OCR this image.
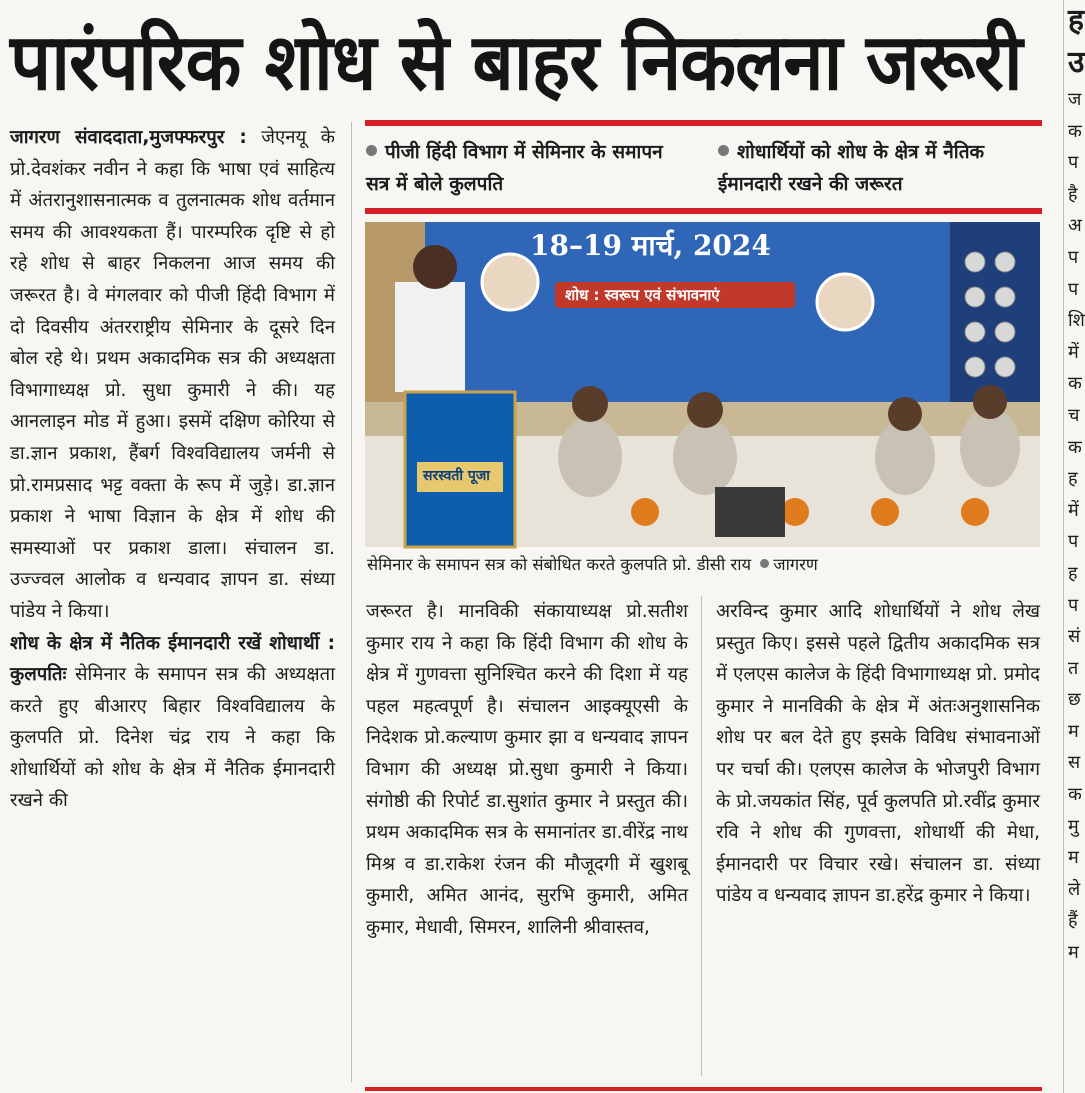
पारंपरिक शोध से बाहर निकलना जरूरी
पीजी हिंदी विभाग में सेमिनार के समापन सत्र में बोले कुलपति
शोधार्थियों को शोध के क्षेत्र में नैतिक ईमानदारी रखने की जरूरत

जागरण संवाददाता,मुजफ्फरपुर : जेएनयू के प्रो.देवशंकर नवीन ने कहा कि भाषा एवं साहित्य में अंतरानुशासनात्मक व तुलनात्मक शोध वर्तमान समय की आवश्यकता हैं। पारम्परिक दृष्टि से हो रहे शोध से बाहर निकलना आज समय की जरूरत है। वे मंगलवार को पीजी हिंदी विभाग में दो दिवसीय अंतरराष्ट्रीय सेमिनार के दूसरे दिन बोल रहे थे। प्रथम अकादमिक सत्र की अध्यक्षता विभागाध्यक्ष प्रो. सुधा कुमारी ने की। यह आनलाइन मोड में हुआ। इसमें दक्षिण कोरिया से डा.ज्ञान प्रकाश, हैंबर्ग विश्वविद्यालय जर्मनी से प्रो.रामप्रसाद भट्ट वक्ता के रूप में जुड़े। डा.ज्ञान प्रकाश ने भाषा विज्ञान के क्षेत्र में शोध की समस्याओं पर प्रकाश डाला। संचालन डा. उज्ज्वल आलोक व धन्यवाद ज्ञापन डा. संध्या पांडेय ने किया।

शोध के क्षेत्र में नैतिक ईमानदारी रखें शोधार्थी : कुलपतिः सेमिनार के समापन सत्र की अध्यक्षता करते हुए बीआरए बिहार विश्वविद्यालय के कुलपति प्रो. दिनेश चंद्र राय ने कहा कि शोधार्थियों को शोध के क्षेत्र में नैतिक ईमानदारी रखने की

18–19 मार्च, 2024
शोध : स्वरूप एवं संभावनाएं
सरस्वती पूजा
सेमिनार के समापन सत्र को संबोधित करते कुलपति प्रो. डीसी राय जागरण

जरूरत है। मानविकी संकायाध्यक्ष प्रो.सतीश कुमार राय ने कहा कि हिंदी विभाग की शोध के क्षेत्र में गुणवत्ता सुनिश्चित करने की दिशा में यह पहल महत्वपूर्ण है। संचालन आइक्यूएसी के निदेशक प्रो.कल्याण कुमार झा व धन्यवाद ज्ञापन विभाग की अध्यक्ष प्रो.सुधा कुमारी ने किया। संगोष्ठी की रिपोर्ट डा.सुशांत कुमार ने प्रस्तुत की। प्रथम अकादमिक सत्र के समानांतर डा.वीरेंद्र नाथ मिश्र व डा.राकेश रंजन की मौजूदगी में खुशबू कुमारी, अमित आनंद, सुरभि कुमारी, अमित कुमार, मेधावी, सिमरन, शालिनी श्रीवास्तव,

अरविन्द कुमार आदि शोधार्थियों ने शोध लेख प्रस्तुत किए। इससे पहले द्वितीय अकादमिक सत्र में एलएस कालेज के हिंदी विभागाध्यक्ष प्रो. प्रमोद कुमार ने मानविकी के क्षेत्र में अंतःअनुशासनिक शोध पर बल देते हुए इसके विविध संभावनाओं पर चर्चा की। एलएस कालेज के भोजपुरी विभाग के प्रो.जयकांत सिंह, पूर्व कुलपति प्रो.रवींद्र कुमार रवि ने शोध की गुणवत्ता, शोधार्थी की मेधा, ईमानदारी पर विचार रखे। संचालन डा. संध्या पांडेय व धन्यवाद ज्ञापन डा.हरेंद्र कुमार ने किया।

ह
उ
ज
क
प
है
अ
प
प
शि
में
क
च
क
ह
में
प
ह
प
सं
त
छ
म
स
क
मु
म
ले
हैं
म
